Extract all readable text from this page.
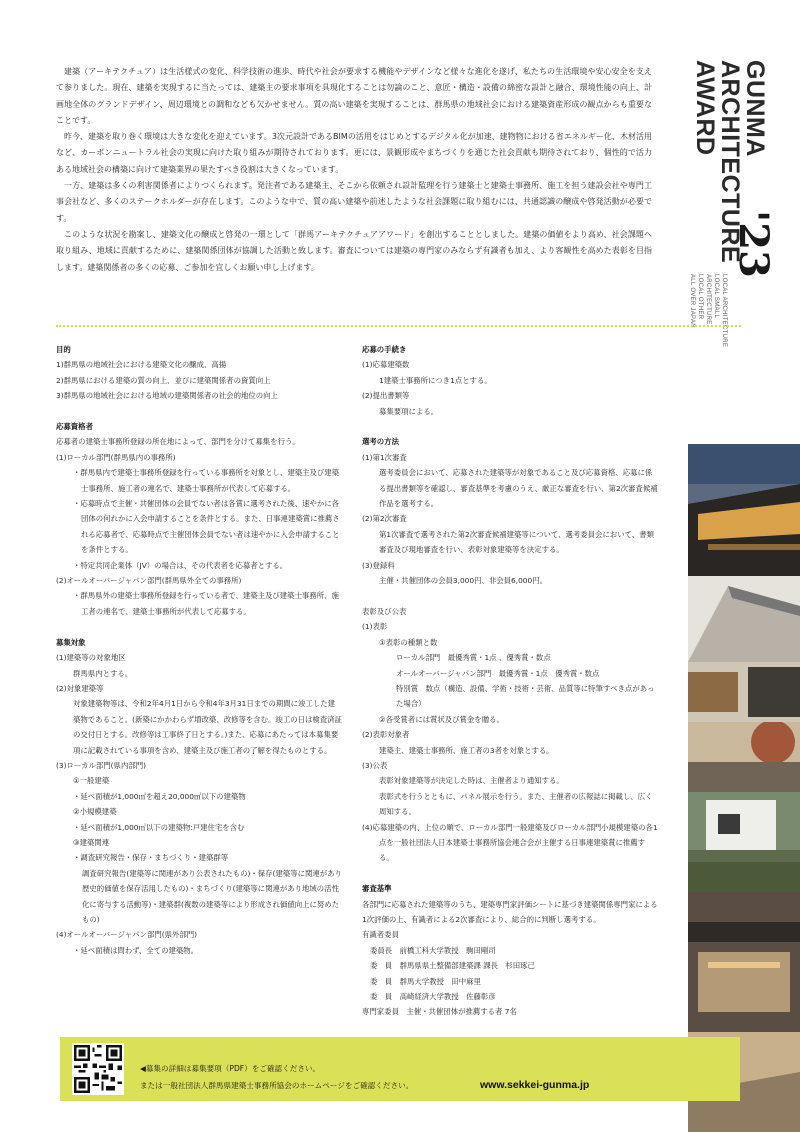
建築（アーキテクチュア）は生活様式の変化、科学技術の進歩、時代や社会が要求する機能やデザインなど様々な進化を遂げ、私たちの生活環境や安心安全を支えて参りました。現在、建築を実現するに当たっては、建築主の要求事項を具現化することは勿論のこと、意匠・構造・設備の綿密な設計と融合、環境性能の向上、計画地全体のグランドデザイン、周辺環境との調和なども欠かせません。質の高い建築を実現することは、群馬県の地域社会における建築資産形成の観点からも重要なことです。

昨今、建築を取り巻く環境は大きな変化を迎えています。3次元設計であるBIMの活用をはじめとするデジタル化が加速、建物物における省エネルギー化、木材活用など、カーボンニュートラル社会の実現に向けた取り組みが期待されております。更には、景観形成やまちづくりを通じた社会貢献も期待されており、個性的で活力ある地域社会の構築に向けて建築業界の果たすべき役割は大きくなっています。

一方、建築は多くの利害関係者によりつくられます。発注者である建築主、そこから依頼され設計監理を行う建築士と建築士事務所、施工を担う建設会社や専門工事会社など、多くのステークホルダーが存在します。このような中で、質の高い建築や前述したような社会課題に取り組むには、共通認識の醸成や啓発活動が必要です。

このような状況を勘案し、建築文化の醸成と啓発の一環として「群馬アーキテクチュアアワード」を創出することとしました。建築の価値をより高め、社会課題へ取り組み、地域に貢献するために、建築関係団体が協調した活動と致します。審査については建築の専門家のみならず有識者も加え、より客観性を高めた表彰を目指します。建築関係者の多くの応募、ご参加を宜しくお願い申し上げます。

GUNMA ARCHITECTURE AWARD
'23
LOCAL ARCHITECTURE
LOCAL SMALL ARCHITECTURE
LOCAL OTHER
ALL OVER JAPAN
目的
1)群馬県の地域社会における建築文化の醸成、高揚
2)群馬県における建築の質の向上、並びに建築関係者の資質向上
3)群馬県の地域社会における地域の建築関係者の社会的地位の向上
応募資格者
応募者の建築士事務所登録の所在地によって、部門を分けて募集を行う。
(1)ローカル部門(群馬県内の事務所)
・群馬県内で建築士事務所登録を行っている事務所を対象とし、建築主及び建築士事務所、施工者の連名で、建築士事務所が代表して応募する。
・応募時点で主催・共催団体の会員でない者は各賞に選考された後、速やかに各団体の何れかに入会申請することを条件とする。また、日事連建築賞に推薦される応募者で、応募時点で主催団体会員でない者は速やかに入会申請することを条件とする。
・特定共同企業体（JV）の場合は、その代表者を応募者とする。
(2)オールオーバージャパン部門(群馬県外全ての事務所)
・群馬県外の建築士事務所登録を行っている者で、建築主及び建築士事務所、施工者の連名で、建築士事務所が代表して応募する。
募集対象
(1)建築等の対象地区
群馬県内とする。
(2)対象建築等
対象建築物等は、令和2年4月1日から令和4年3月31日までの期間に竣工した建築物であること。(新築にかかわらず増改築、改修等を含む。竣工の日は検査済証の交付日とする。改修等は工事終了日とする。)また、応募にあたっては本募集要項に記載されている事項を含め、建築主及び施工者の了解を得たものとする。
(3)ローカル部門(県内部門)
①一般建築
・延べ面積が1,000㎡を超え20,000㎡以下の建築物
②小規模建築
・延べ面積が1,000㎡以下の建築物:戸建住宅を含む
③建築関連
・調査研究報告・保存・まちづくり・建築群等
調査研究報告(建築等に関連があり公表されたもの)・保存(建築等に関連があり歴史的価値を保存活用したもの)・まちづくり(建築等に関連があり地域の活性化に寄与する活動等)・建築群(複数の建築等により形成され価値向上に努めたもの)
(4)オールオーバージャパン部門(県外部門)
・延べ面積は問わず、全ての建築物。
応募の手続き
(1)応募建築数
1建築士事務所につき1点とする。
(2)提出書類等
募集要項による。
選考の方法
(1)第1次審査
選考委員会において、応募された建築等が対象であること及び応募資格、応募に係る提出書類等を確認し、審査基準を考慮のうえ、厳正な審査を行い、第2次審査候補作品を選考する。
(2)第2次審査
第1次審査で選考された第2次審査候補建築等について、選考委員会において、書類審査及び現地審査を行い、表彰対象建築等を決定する。
(3)登録料
主催・共催団体の会員3,000円、非会員6,000円。
表彰及び公表
(1)表彰
①表彰の種類と数
ローカル部門　最優秀賞・1点 、優秀賞・数点
オールオーバージャパン部門　最優秀賞・1点　優秀賞・数点
特別賞　数点（構造、設備、学術・技術・芸術、品質等に特筆すべき点があった場合）
②各受賞者には賞状及び賞金を贈る。
(2)表彰対象者
建築主、建築士事務所、施工者の3者を対象とする。
(3)公表
表彰対象建築等が決定した時は、主催者より通知する。
表彰式を行うとともに、パネル展示を行う。また、主催者の広報誌に掲載し、広く周知する。
(4)応募建築の内、上位の順で、ローカル部門一般建築及びローカル部門小規模建築の各1点を一般社団法人日本建築士事務所協会連合会が主催する日事連建築賞に推薦する。
審査基準
各部門に応募された建築等のうち、建築専門家評価シートに基づき建築関係専門家による1次評価の上、有識者による2次審査により、総合的に判断し選考する。
有識者委員
委員長　前橋工科大学教授　駒田剛司
委　員　群馬県県土整備部建築課 課長　杉田琢己
委　員　群馬大学教授　田中麻里
委　員　高崎経済大学教授　佐藤彰彦
専門家委員　主催・共催団体が推薦する者 7名
◀募集の詳細は募集要項（PDF）をご確認ください。
または一般社団法人群馬県建築士事務所協会のホームページをご確認ください。	www.sekkei-gunma.jp
